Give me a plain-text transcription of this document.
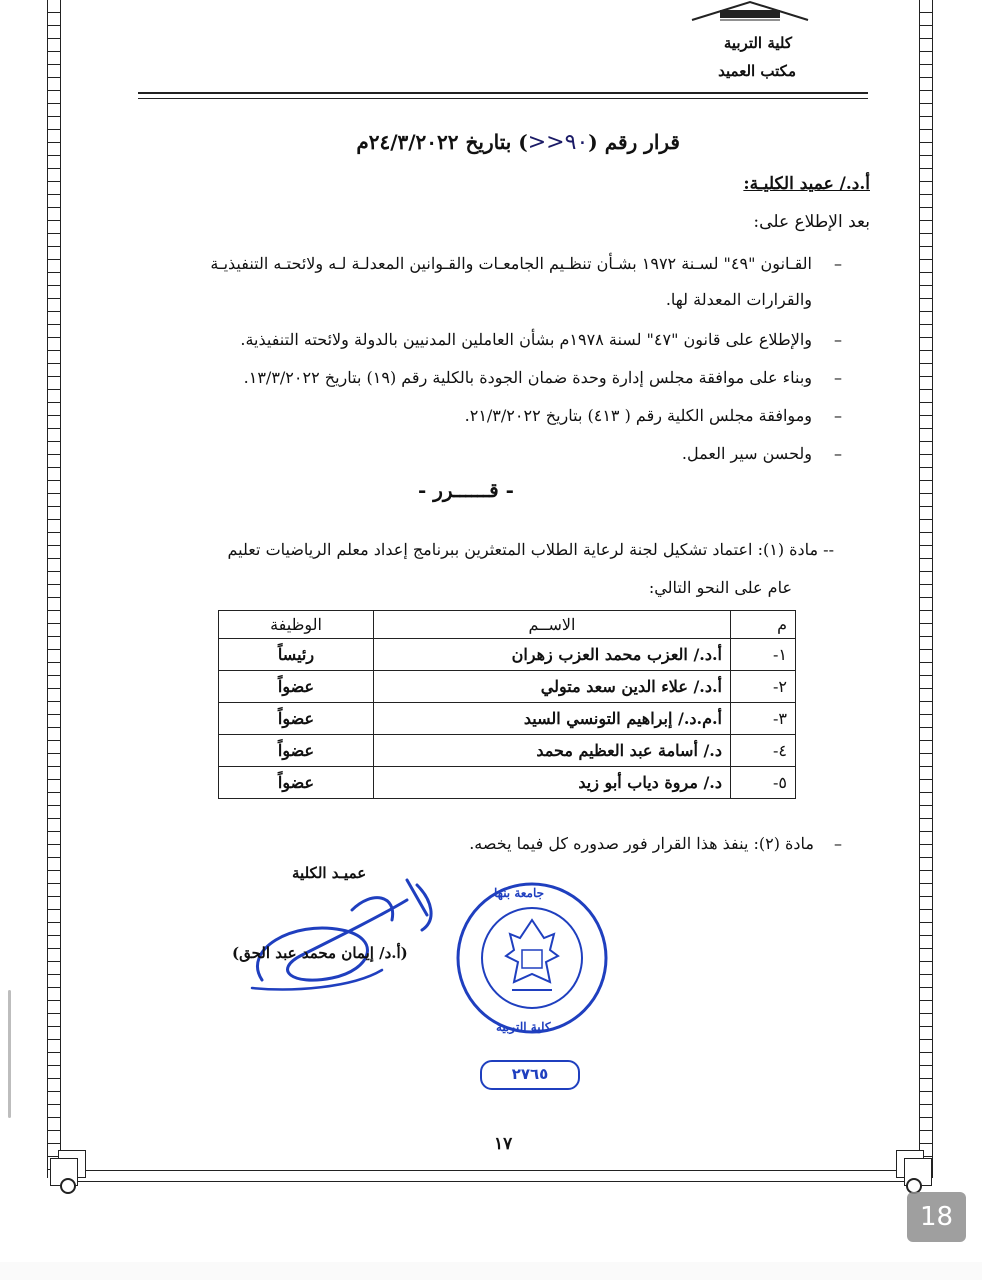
كلية التربية
مكتب العميد
قرار رقم (٩٠<<) بتاريخ ٢٤/٣/٢٠٢٢م
أ.د./ عميد الكليـة:
بعد الإطلاع على:
–
القـانون "٤٩" لسـنة ١٩٧٢ بشـأن تنظـيم الجامعـات والقـوانين المعدلـة لـه ولائحتـه التنفيذيـة
والقرارات المعدلة لها.
–
والإطلاع على قانون "٤٧" لسنة ١٩٧٨م بشأن العاملين المدنيين بالدولة ولائحته التنفيذية.
–
وبناء على موافقة مجلس إدارة وحدة ضمان الجودة بالكلية رقم (١٩) بتاريخ ١٣/٣/٢٠٢٢.
–
وموافقة مجلس الكلية رقم ( ٤١٣) بتاريخ ٢١/٣/٢٠٢٢.
–
ولحسن سير العمل.
- قــــــرر -
-- مادة (١): اعتماد تشكيل لجنة لرعاية الطلاب المتعثرين ببرنامج إعداد معلم الرياضيات تعليم
عام على النحو التالي:
م	الاســم	الوظيفة
١-	أ.د./ العزب محمد العزب زهران	رئيساً
٢-	أ.د./ علاء الدين سعد متولي	عضواً
٣-	أ.م.د./ إبراهيم التونسي السيد	عضواً
٤-	د./ أسامة عبد العظيم محمد	عضواً
٥-	د./ مروة دياب أبو زيد	عضواً
–
مادة (٢): ينفذ هذا القرار فور صدوره كل فيما يخصه.
عميـد الكلية
(أ.د/ إيمان محمد عبد الحق)
جامعة بنها
كلية التربية
٢٧٦٥
١٧
18
